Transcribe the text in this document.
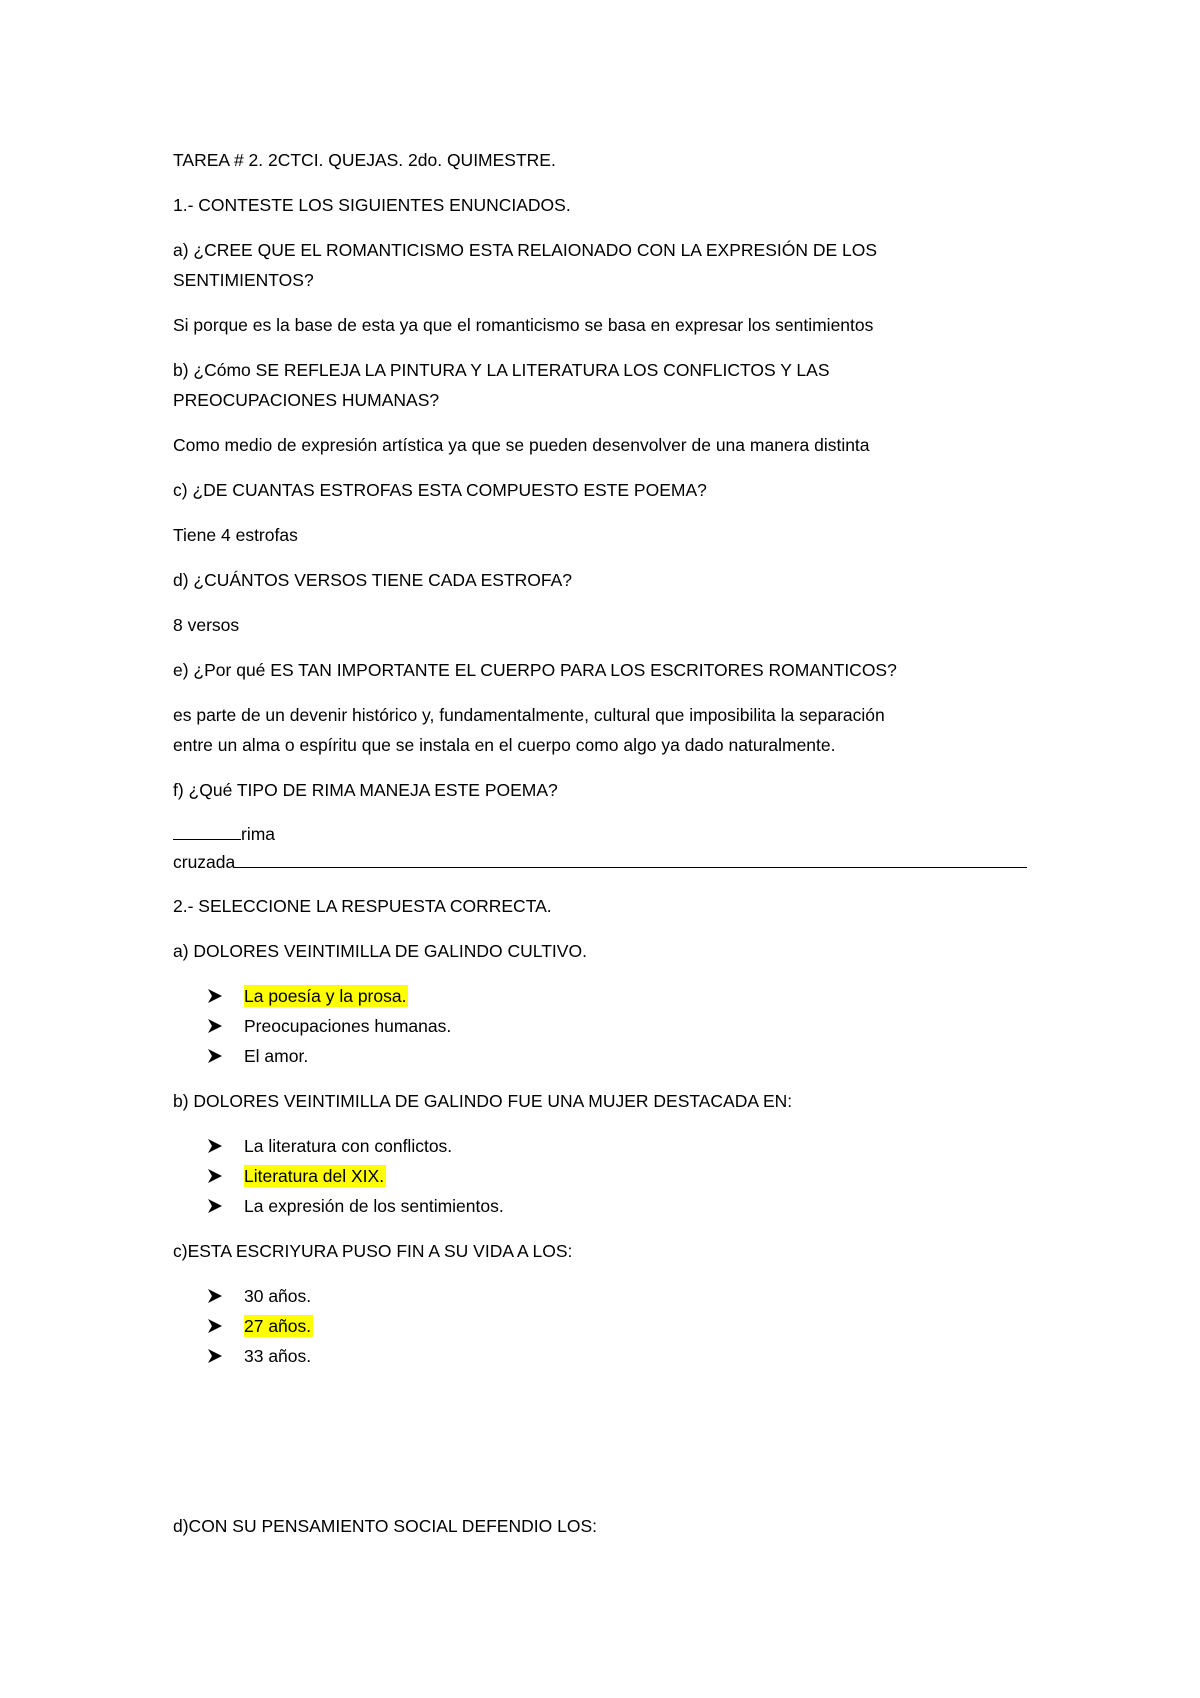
TAREA # 2. 2CTCI. QUEJAS. 2do. QUIMESTRE.

1.- CONTESTE LOS SIGUIENTES ENUNCIADOS.

a) ¿CREE QUE EL ROMANTICISMO ESTA RELAIONADO CON LA EXPRESIÓN DE LOS
SENTIMIENTOS?

Si porque es la base de esta ya que el romanticismo se basa en expresar los sentimientos

b) ¿Cómo SE REFLEJA LA PINTURA Y LA LITERATURA LOS CONFLICTOS Y LAS
PREOCUPACIONES HUMANAS?

Como medio de expresión artística ya que se pueden desenvolver de una manera distinta

c) ¿DE CUANTAS ESTROFAS ESTA COMPUESTO ESTE POEMA?

Tiene 4 estrofas

d) ¿CUÁNTOS VERSOS TIENE CADA ESTROFA?

8 versos

e) ¿Por qué ES TAN IMPORTANTE EL CUERPO PARA LOS ESCRITORES ROMANTICOS?

es parte de un devenir histórico y, fundamentalmente, cultural que imposibilita la separación
entre un alma o espíritu que se instala en el cuerpo como algo ya dado naturalmente.

f) ¿Qué TIPO DE RIMA MANEJA ESTE POEMA?

rima
cruzada

2.- SELECCIONE LA RESPUESTA CORRECTA.

a) DOLORES VEINTIMILLA DE GALINDO CULTIVO.

La poesía y la prosa.
Preocupaciones humanas.
El amor.

b) DOLORES VEINTIMILLA DE GALINDO FUE UNA MUJER DESTACADA EN:

La literatura con conflictos.
Literatura del XIX.
La expresión de los sentimientos.

c)ESTA ESCRIYURA PUSO FIN A SU VIDA A LOS:

30 años.
27 años.
33 años.

d)CON SU PENSAMIENTO SOCIAL DEFENDIO LOS:
